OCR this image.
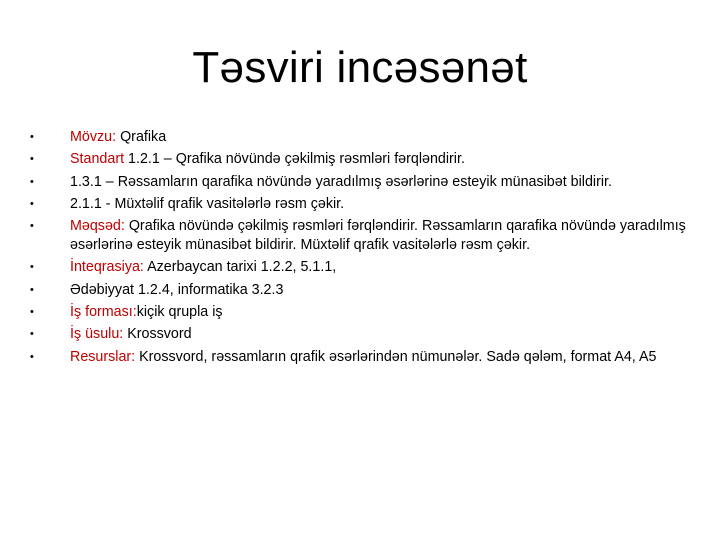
Təsviri incəsənət
•	Mövzu: Qrafika
•	Standart 1.2.1 – Qrafika növündə çəkilmiş rəsmləri fərqləndirir.
•	1.3.1 – Rəssamların qarafika növündə yaradılmış əsərlərinə esteyik münasibət bildirir.
•	2.1.1 - Müxtəlif qrafik vasitələrlə rəsm çəkir.
•	Məqsəd: Qrafika növündə çəkilmiş rəsmləri fərqləndirir. Rəssamların qarafika növündə yaradılmış əsərlərinə esteyik münasibət bildirir. Müxtəlif qrafik vasitələrlə rəsm çəkir.
•	İnteqrasiya: Azerbaycan tarixi 1.2.2, 5.1.1,
•	Ədəbiyyat 1.2.4, informatika 3.2.3
•	İş forması:kiçik qrupla iş
•	İş üsulu: Krossvord
•	Resurslar: Krossvord, rəssamların qrafik əsərlərindən nümunələr. Sadə qələm, format A4, A5
